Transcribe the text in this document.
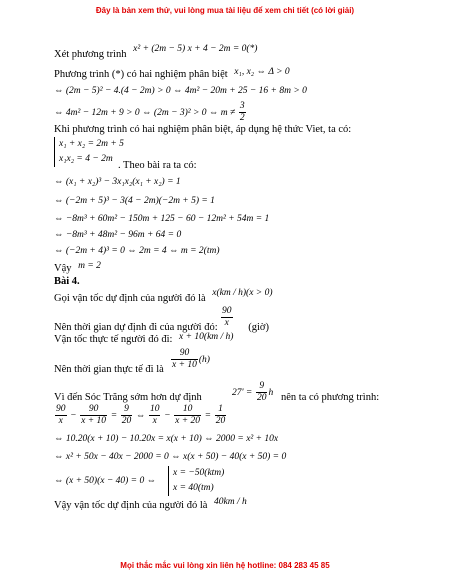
Đây là bản xem thử, vui lòng mua tài liệu để xem chi tiết (có lời giải)
Xét phương trình x² + (2m − 5) x + 4 − 2m = 0(*)
Phương trình (*) có hai nghiệm phân biệt x₁, x₂ ⇔ Δ > 0
⇔ (2m − 5)² − 4.(4 − 2m) > 0 ⇔ 4m² − 20m + 25 − 16 + 8m > 0
⇔ 4m² − 12m + 9 > 0 ⇔ (2m − 3)² > 0 ⇔ $m \ne \frac{3}{2}$
Khi phương trình có hai nghiệm phân biệt, áp dụng hệ thức Viet, ta có:
x₁ + x₂ = 2m + 5
x₁x₂ = 4 − 2m
. Theo bài ra ta có:
⇔ (x₁ + x₂)³ − 3x₁x₂(x₁ + x₂) = 1
⇔ (−2m + 5)³ − 3(4 − 2m)(−2m + 5) = 1
⇔ −8m³ + 60m² − 150m + 125 − 60 − 12m² + 54m = 1
⇔ −8m³ + 48m² − 96m + 64 = 0
⇔ (−2m + 4)³ = 0 ⇔ 2m = 4 ⇔ m = 2(tm)
Vậy m = 2
Bài 4.
Gọi vận tốc dự định của người đó là x(km / h)(x > 0)
$\frac{90}{x}$
Nên thời gian dự định đi của người đó:	(giờ)
Vận tốc thực tế người đó đi: x + 10(km / h)
$\frac{90}{x + 10} (h)$
Nên thời gian thực tế đi là
$27' = \frac{9}{20}$ h
Vì đến Sóc Trăng sớm hơn dự định	nên ta có phương trình:
$\frac{90}{x} - \frac{90}{x + 10} = \frac{9}{20}$ ⇔ $\frac{10}{x} - \frac{10}{x + 20} = \frac{1}{20}$
⇔ 10.20(x + 10) − 10.20x = x(x + 10) ⇔ 2000 = x² + 10x
⇔ x² + 50x − 40x − 2000 = 0 ⇔ x(x + 50) − 40(x + 50) = 0
⇔ (x + 50)(x − 40) = 0 ⇔
x = −50(ktm)
x = 40(tm)
Vậy vận tốc dự định của người đó là 40km / h
Mọi thắc mắc vui lòng xin liên hệ hotline: 084 283 45 85
